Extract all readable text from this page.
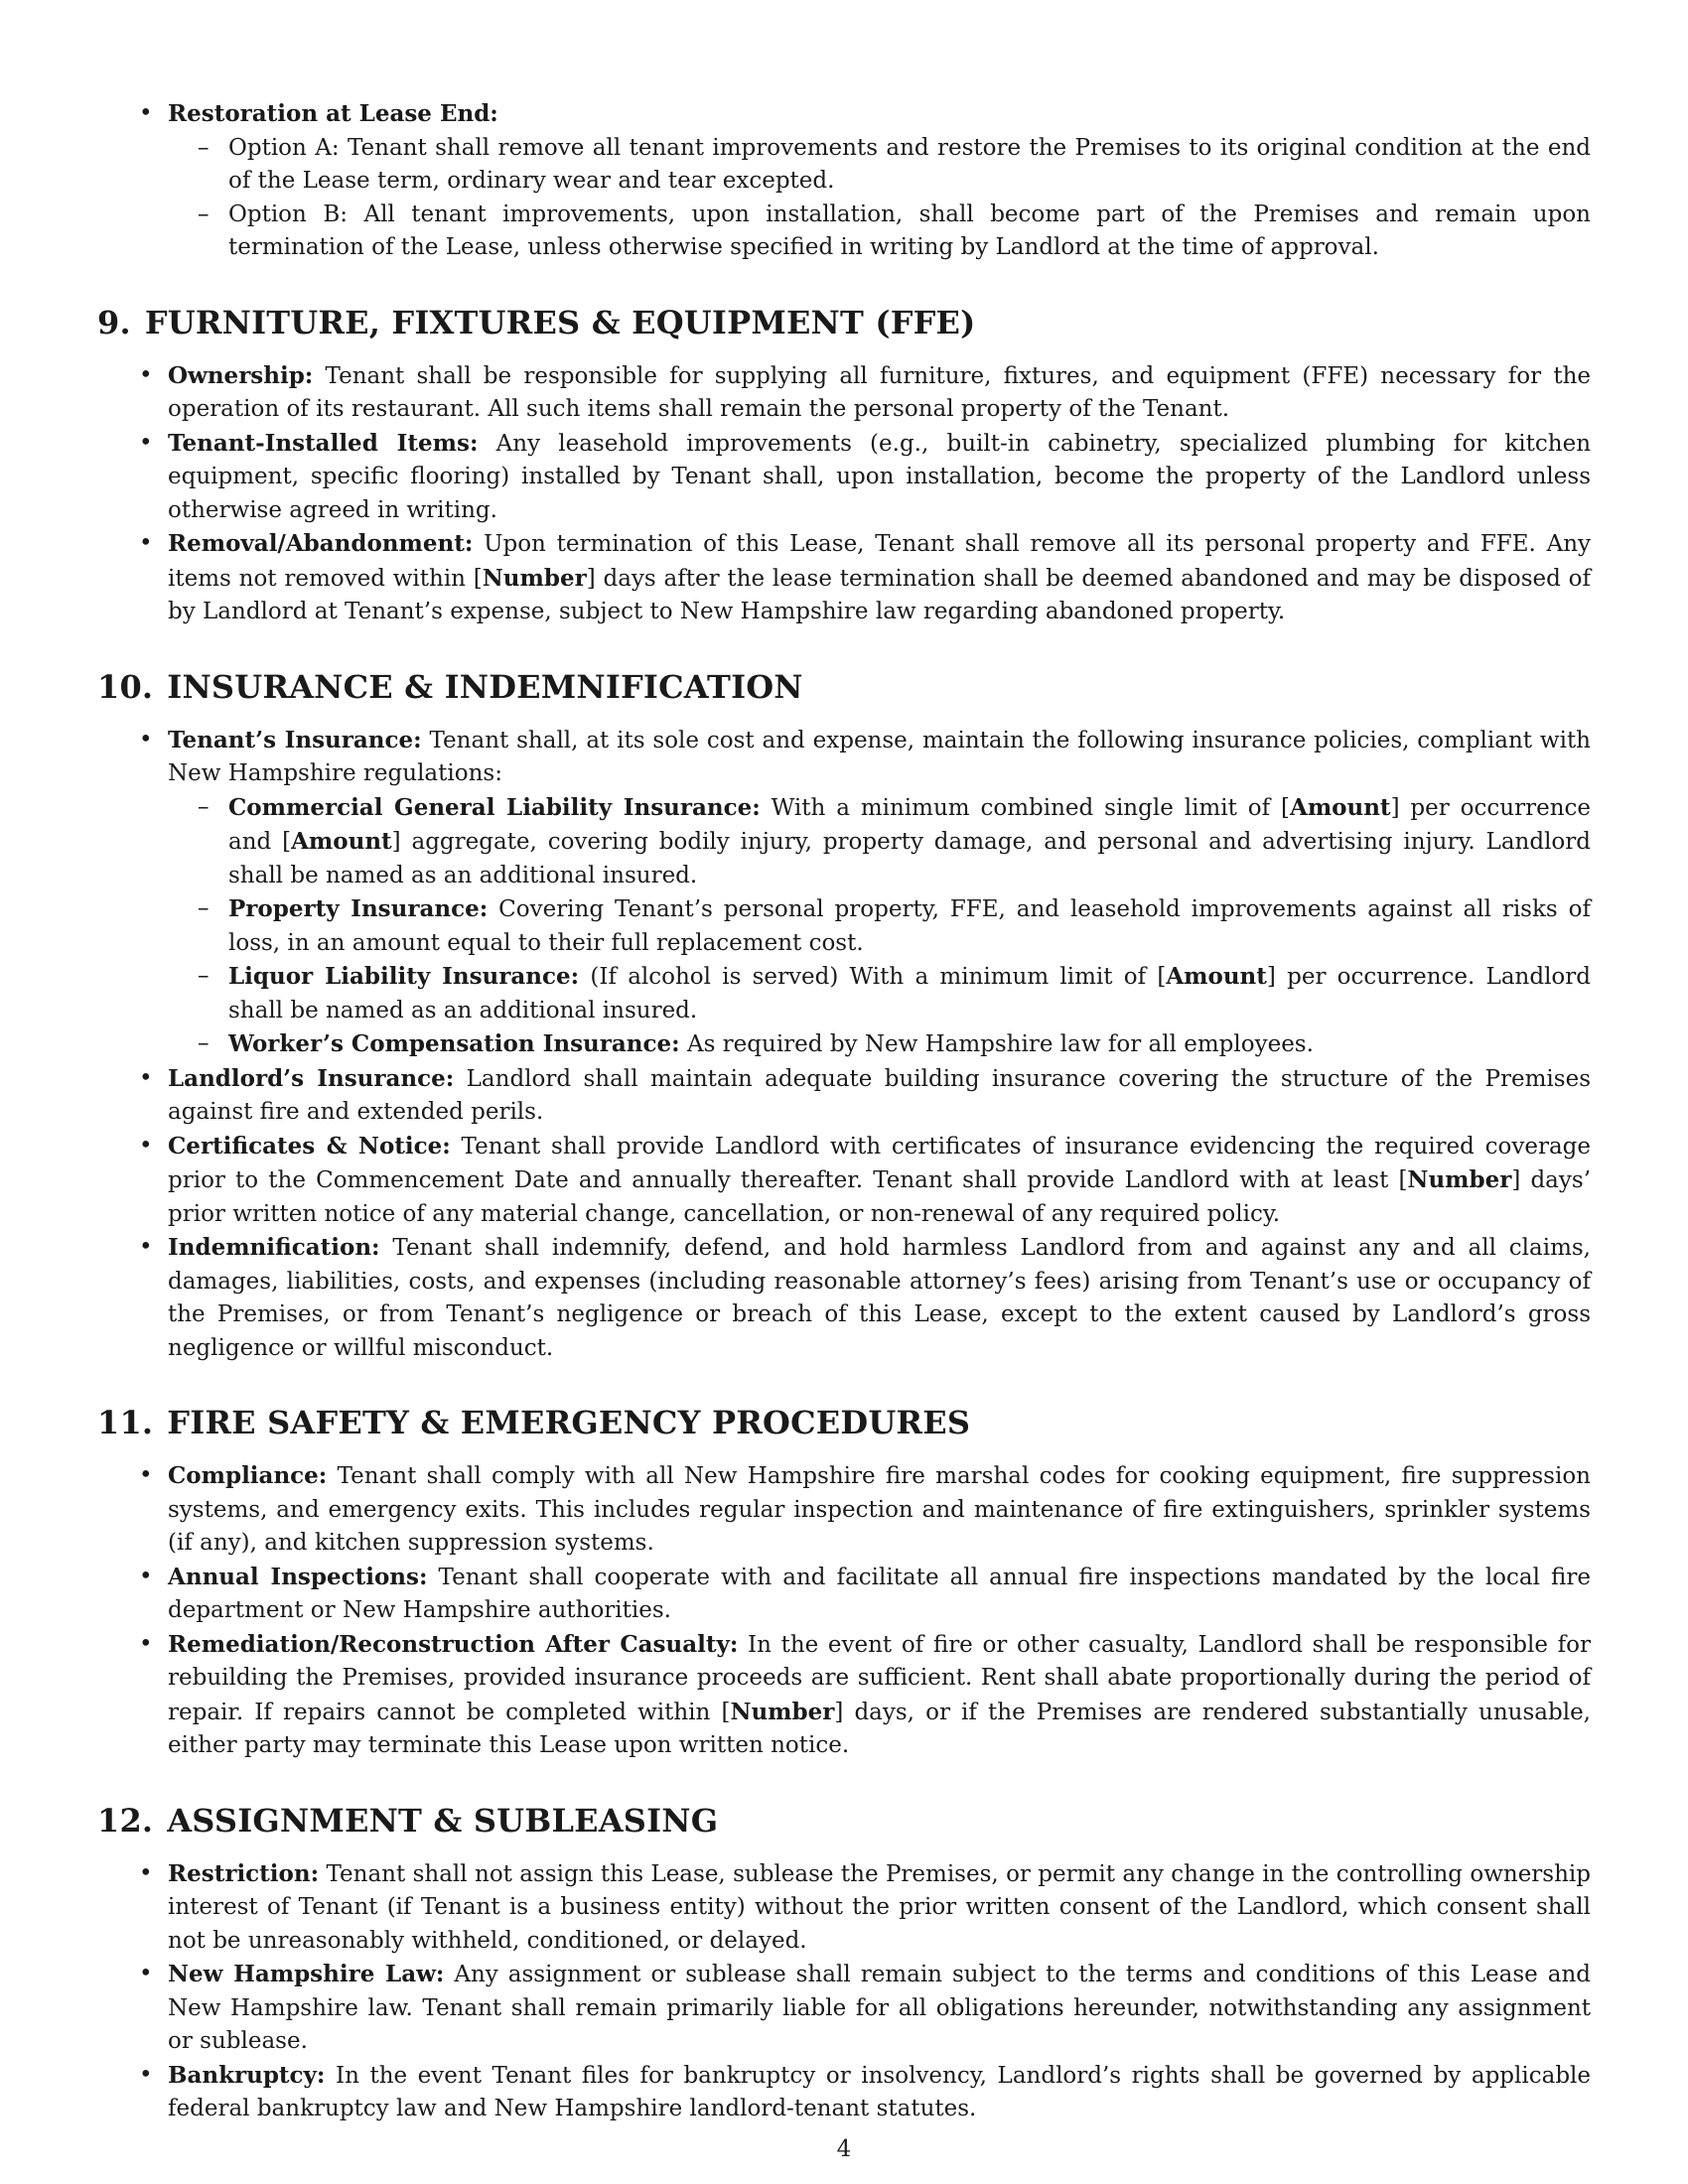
• Restoration at Lease End:
– Option A: Tenant shall remove all tenant improvements and restore the Premises to its original condition at the end of the Lease term, ordinary wear and tear excepted.
– Option B: All tenant improvements, upon installation, shall become part of the Premises and remain upon termination of the Lease, unless otherwise specified in writing by Landlord at the time of approval.
9. FURNITURE, FIXTURES & EQUIPMENT (FFE)
• Ownership: Tenant shall be responsible for supplying all furniture, fixtures, and equipment (FFE) necessary for the operation of its restaurant. All such items shall remain the personal property of the Tenant.
• Tenant-Installed Items: Any leasehold improvements (e.g., built-in cabinetry, specialized plumbing for kitchen equipment, specific flooring) installed by Tenant shall, upon installation, become the property of the Landlord unless otherwise agreed in writing.
• Removal/Abandonment: Upon termination of this Lease, Tenant shall remove all its personal property and FFE. Any items not removed within [Number] days after the lease termination shall be deemed abandoned and may be disposed of by Landlord at Tenant’s expense, subject to New Hampshire law regarding abandoned property.
10. INSURANCE & INDEMNIFICATION
• Tenant’s Insurance: Tenant shall, at its sole cost and expense, maintain the following insurance policies, compliant with New Hampshire regulations:
– Commercial General Liability Insurance: With a minimum combined single limit of [Amount] per occurrence and [Amount] aggregate, covering bodily injury, property damage, and personal and advertising injury. Landlord shall be named as an additional insured.
– Property Insurance: Covering Tenant’s personal property, FFE, and leasehold improvements against all risks of loss, in an amount equal to their full replacement cost.
– Liquor Liability Insurance: (If alcohol is served) With a minimum limit of [Amount] per occurrence. Landlord shall be named as an additional insured.
– Worker’s Compensation Insurance: As required by New Hampshire law for all employees.
• Landlord’s Insurance: Landlord shall maintain adequate building insurance covering the structure of the Premises against fire and extended perils.
• Certificates & Notice: Tenant shall provide Landlord with certificates of insurance evidencing the required coverage prior to the Commencement Date and annually thereafter. Tenant shall provide Landlord with at least [Number] days’ prior written notice of any material change, cancellation, or non-renewal of any required policy.
• Indemnification: Tenant shall indemnify, defend, and hold harmless Landlord from and against any and all claims, damages, liabilities, costs, and expenses (including reasonable attorney’s fees) arising from Tenant’s use or occupancy of the Premises, or from Tenant’s negligence or breach of this Lease, except to the extent caused by Landlord’s gross negligence or willful misconduct.
11. FIRE SAFETY & EMERGENCY PROCEDURES
• Compliance: Tenant shall comply with all New Hampshire fire marshal codes for cooking equipment, fire suppression systems, and emergency exits. This includes regular inspection and maintenance of fire extinguishers, sprinkler systems (if any), and kitchen suppression systems.
• Annual Inspections: Tenant shall cooperate with and facilitate all annual fire inspections mandated by the local fire department or New Hampshire authorities.
• Remediation/Reconstruction After Casualty: In the event of fire or other casualty, Landlord shall be responsible for rebuilding the Premises, provided insurance proceeds are sufficient. Rent shall abate proportionally during the period of repair. If repairs cannot be completed within [Number] days, or if the Premises are rendered substantially unusable, either party may terminate this Lease upon written notice.
12. ASSIGNMENT & SUBLEASING
• Restriction: Tenant shall not assign this Lease, sublease the Premises, or permit any change in the controlling ownership interest of Tenant (if Tenant is a business entity) without the prior written consent of the Landlord, which consent shall not be unreasonably withheld, conditioned, or delayed.
• New Hampshire Law: Any assignment or sublease shall remain subject to the terms and conditions of this Lease and New Hampshire law. Tenant shall remain primarily liable for all obligations hereunder, notwithstanding any assignment or sublease.
• Bankruptcy: In the event Tenant files for bankruptcy or insolvency, Landlord’s rights shall be governed by applicable federal bankruptcy law and New Hampshire landlord-tenant statutes.
4
